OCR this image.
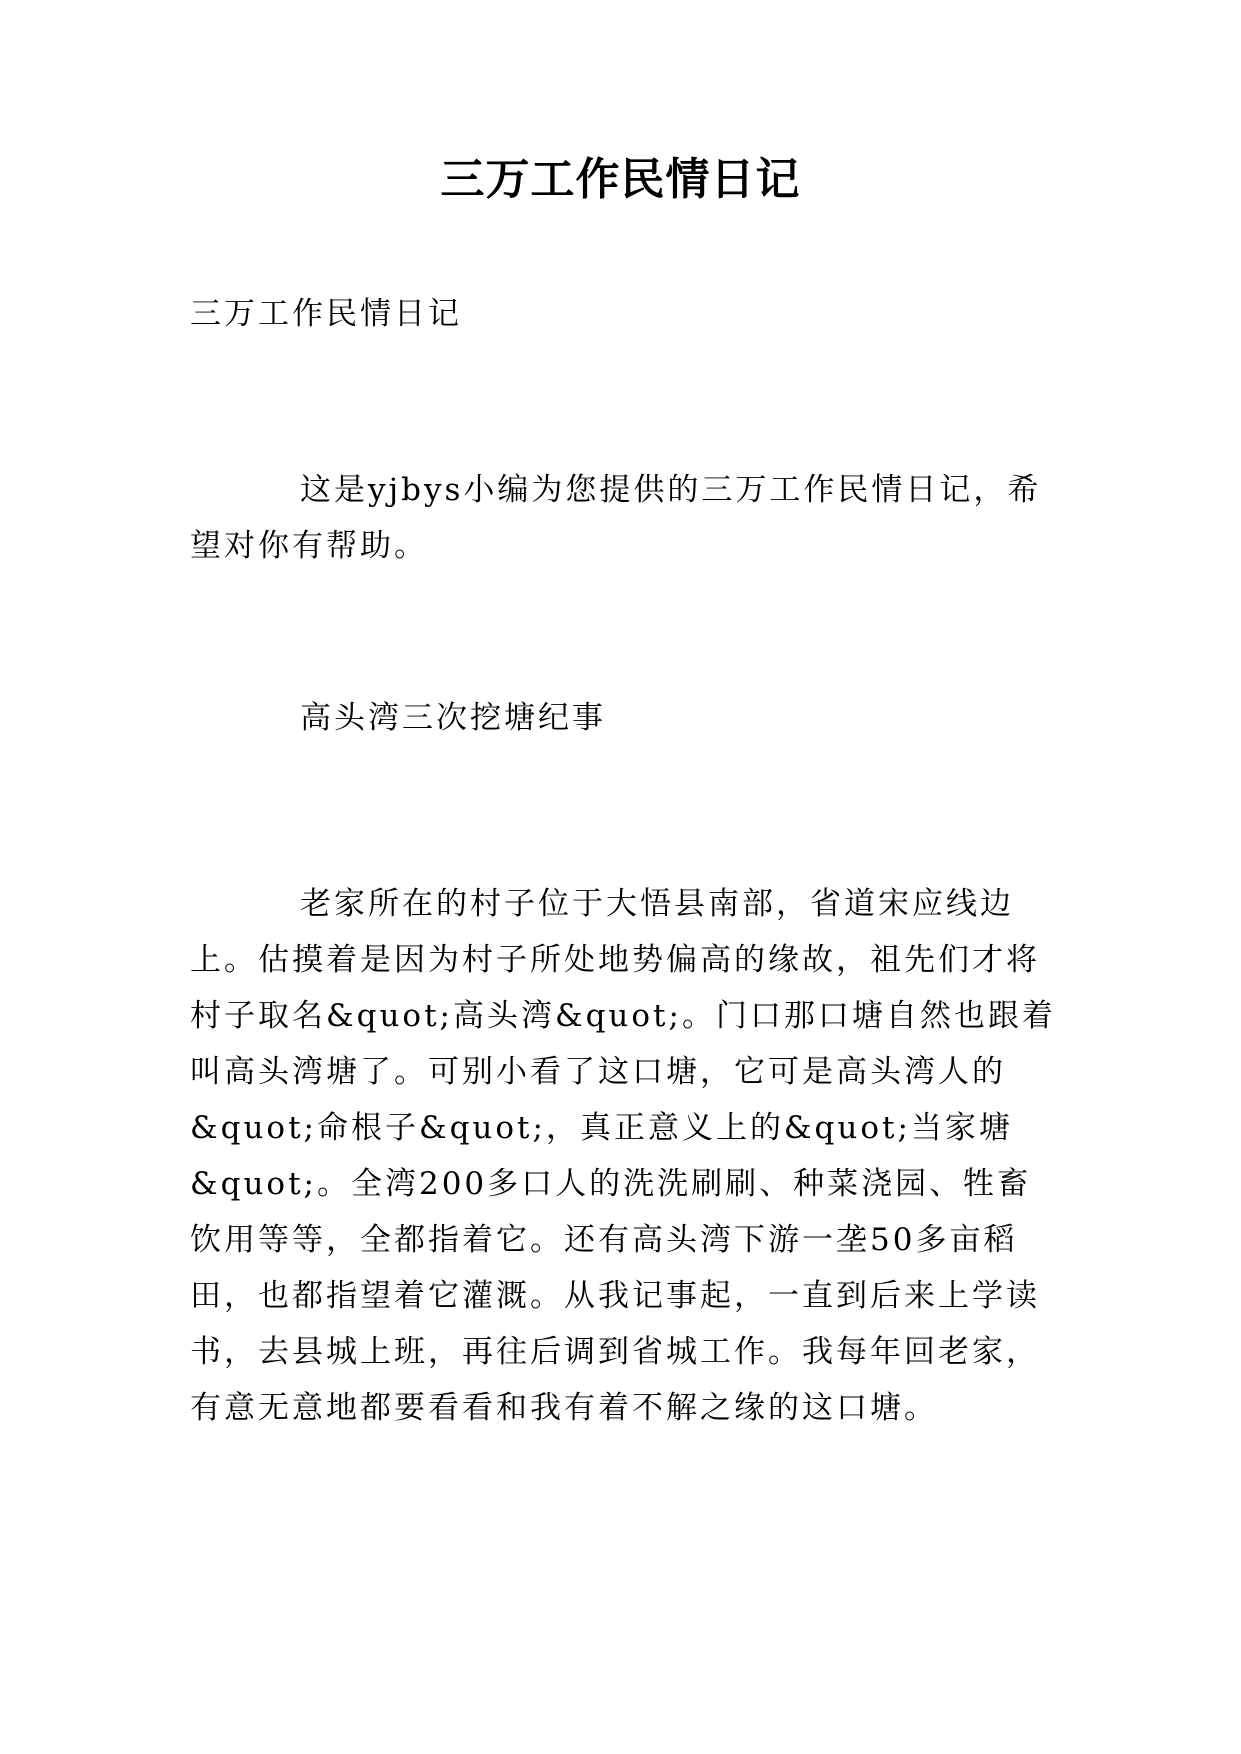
三万工作民情日记

三万工作民情日记

这是yjbys小编为您提供的三万工作民情日记，希望对你有帮助。

高头湾三次挖塘纪事

老家所在的村子位于大悟县南部，省道宋应线边上。估摸着是因为村子所处地势偏高的缘故，祖先们才将村子取名&quot;高头湾&quot;。门口那口塘自然也跟着叫高头湾塘了。可别小看了这口塘，它可是高头湾人的&quot;命根子&quot;，真正意义上的&quot;当家塘&quot;。全湾200多口人的洗洗刷刷、种菜浇园、牲畜饮用等等，全都指着它。还有高头湾下游一垄50多亩稻田，也都指望着它灌溉。从我记事起，一直到后来上学读书，去县城上班，再往后调到省城工作。我每年回老家，有意无意地都要看看和我有着不解之缘的这口塘。
